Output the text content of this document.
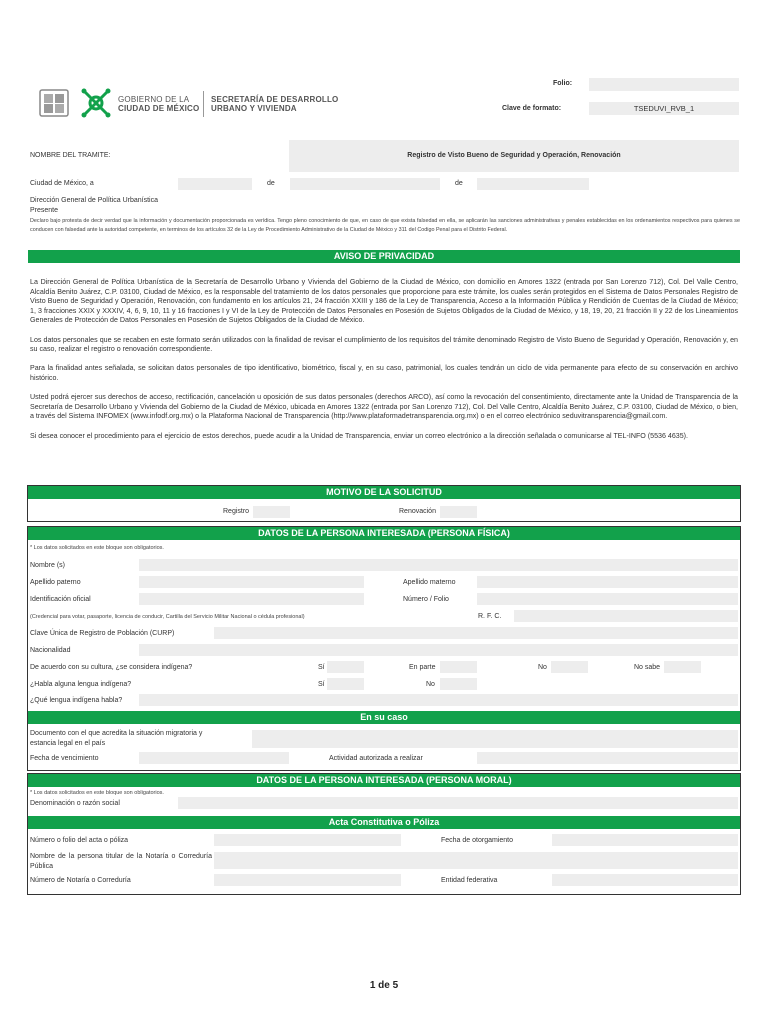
GOBIERNO DE LA
CIUDAD DE MÉXICO
SECRETARÍA DE DESARROLLO
URBANO Y VIVIENDA
Folio:
Clave de formato:	TSEDUVI_RVB_1
NOMBRE DEL TRAMITE:	Registro de Visto Bueno de Seguridad y Operación, Renovación
Ciudad de México, a	de	de
Dirección General de Política Urbanística
Presente
Declaro bajo protesta de decir verdad que la información y documentación proporcionada es verídica. Tengo pleno conocimiento de que, en caso de que exista falsedad en ella, se aplicarán las sanciones administrativas y penales establecidas en los ordenamientos respectivos para quienes se conducen con falsedad ante la autoridad competente, en terminos de los artículos 32 de la Ley de Procedimiento Administrativo de la Ciudad de México y 311 del Codigo Penal para el Distrito Federal.
AVISO DE PRIVACIDAD

La Dirección General de Política Urbanística de la Secretaría de Desarrollo Urbano y Vivienda del Gobierno de la Ciudad de México, con domicilio en Amores 1322 (entrada por San Lorenzo 712), Col. Del Valle Centro, Alcaldía Benito Juárez, C.P. 03100, Ciudad de México, es la responsable del tratamiento de los datos personales que proporcione para este trámite, los cuales serán protegidos en el Sistema de Datos Personales Registro de Visto Bueno de Seguridad y Operación, Renovación, con fundamento en los artículos 21, 24 fracción XXIII y 186 de la Ley de Transparencia, Acceso a la Información Pública y Rendición de Cuentas de la Ciudad de México; 1, 3 fracciones XXIX y XXXIV, 4, 6, 9, 10, 11 y 16 fracciones I y VI de la Ley de Protección de Datos Personales en Posesión de Sujetos Obligados de la Ciudad de México, y 18, 19, 20, 21 fracción II y 22 de los Lineamientos Generales de Protección de Datos Personales en Posesión de Sujetos Obligados de la Ciudad de México.

Los datos personales que se recaben en este formato serán utilizados con la finalidad de revisar el cumplimiento de los requisitos del trámite denominado Registro de Visto Bueno de Seguridad y Operación, Renovación y, en su caso, realizar el registro o renovación correspondiente.

Para la finalidad antes señalada, se solicitan datos personales de tipo identificativo, biométrico, fiscal y, en su caso, patrimonial, los cuales tendrán un ciclo de vida permanente para efecto de su conservación en archivo histórico.

Usted podrá ejercer sus derechos de acceso, rectificación, cancelación u oposición de sus datos personales (derechos ARCO), así como la revocación del consentimiento, directamente ante la Unidad de Transparencia de la Secretaría de Desarrollo Urbano y Vivienda del Gobierno de la Ciudad de México, ubicada en Amores 1322 (entrada por San Lorenzo 712), Col. Del Valle Centro, Alcaldía Benito Juárez, C.P. 03100, Ciudad de México, o bien, a través del Sistema INFOMEX (www.infodf.org.mx) o la Plataforma Nacional de Transparencia (http://www.plataformadetransparencia.org.mx) o en el correo electrónico seduvitransparencia@gmail.com.

Si desea conocer el procedimiento para el ejercicio de estos derechos, puede acudir a la Unidad de Transparencia, enviar un correo electrónico a la dirección señalada o comunicarse al TEL-INFO (5536 4635).

MOTIVO DE LA SOLICITUD
Registro	Renovación
DATOS DE LA PERSONA INTERESADA (PERSONA FÍSICA)
* Los datos solicitados en este bloque son obligatorios.
Nombre (s)
Apellido paterno	Apellido materno
Identificación oficial	Número / Folio
(Credencial para votar, pasaporte, licencia de conducir, Cartilla del Servicio Militar Nacional o cédula profesional)	R. F. C.
Clave Única de Registro de Población (CURP)
Nacionalidad
De acuerdo con su cultura, ¿se considera indígena?	Sí	En parte	No	No sabe
¿Habla alguna lengua indígena?	Sí	No
¿Qué lengua indígena habla?
En su caso
Documento con el que acredita la situación migratoria y estancia legal en el país
Fecha de vencimiento	Actividad autorizada a realizar
DATOS DE LA PERSONA INTERESADA (PERSONA MORAL)
* Los datos solicitados en este bloque son obligatorios.
Denominación o razón social
Acta Constitutiva o Póliza
Número o folio del acta o póliza	Fecha de otorgamiento
Nombre de la persona titular de la Notaría o Correduría Pública
Número de Notaría o Correduría	Entidad federativa
1 de 5
